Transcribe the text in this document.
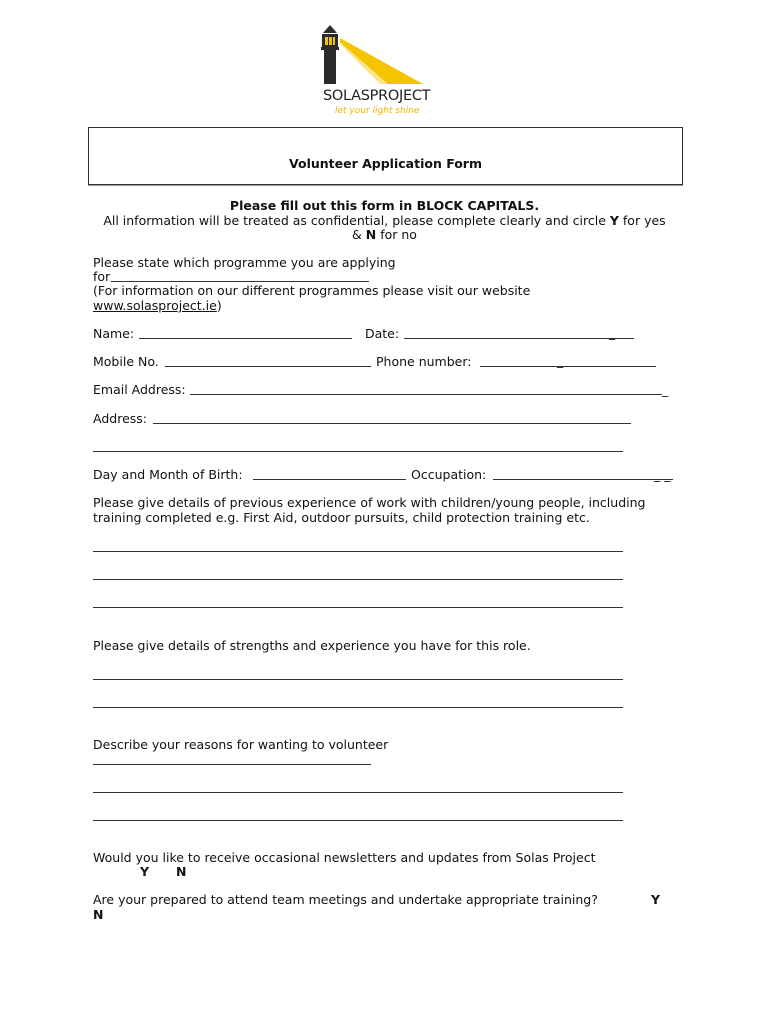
SOLASPROJECT
let your light shine
Volunteer Application Form
Please fill out this form in BLOCK CAPITALS.
All information will be treated as confidential, please complete clearly and circle Y for yes
& N for no
Please state which programme you are applying
for
(For information on our different programmes please visit our website
www.solasproject.ie)
Name:	Date:	_
Mobile No.	Phone number:	_
Email Address:	_
Address:
Day and Month of Birth:	Occupation:	_ _
Please give details of previous experience of work with children/young people, including
training completed e.g. First Aid, outdoor pursuits, child protection training etc.
Please give details of strengths and experience you have for this role.
Describe your reasons for wanting to volunteer
Would you like to receive occasional newsletters and updates from Solas Project
Y N
Are your prepared to attend team meetings and undertake appropriate training?	Y
N
